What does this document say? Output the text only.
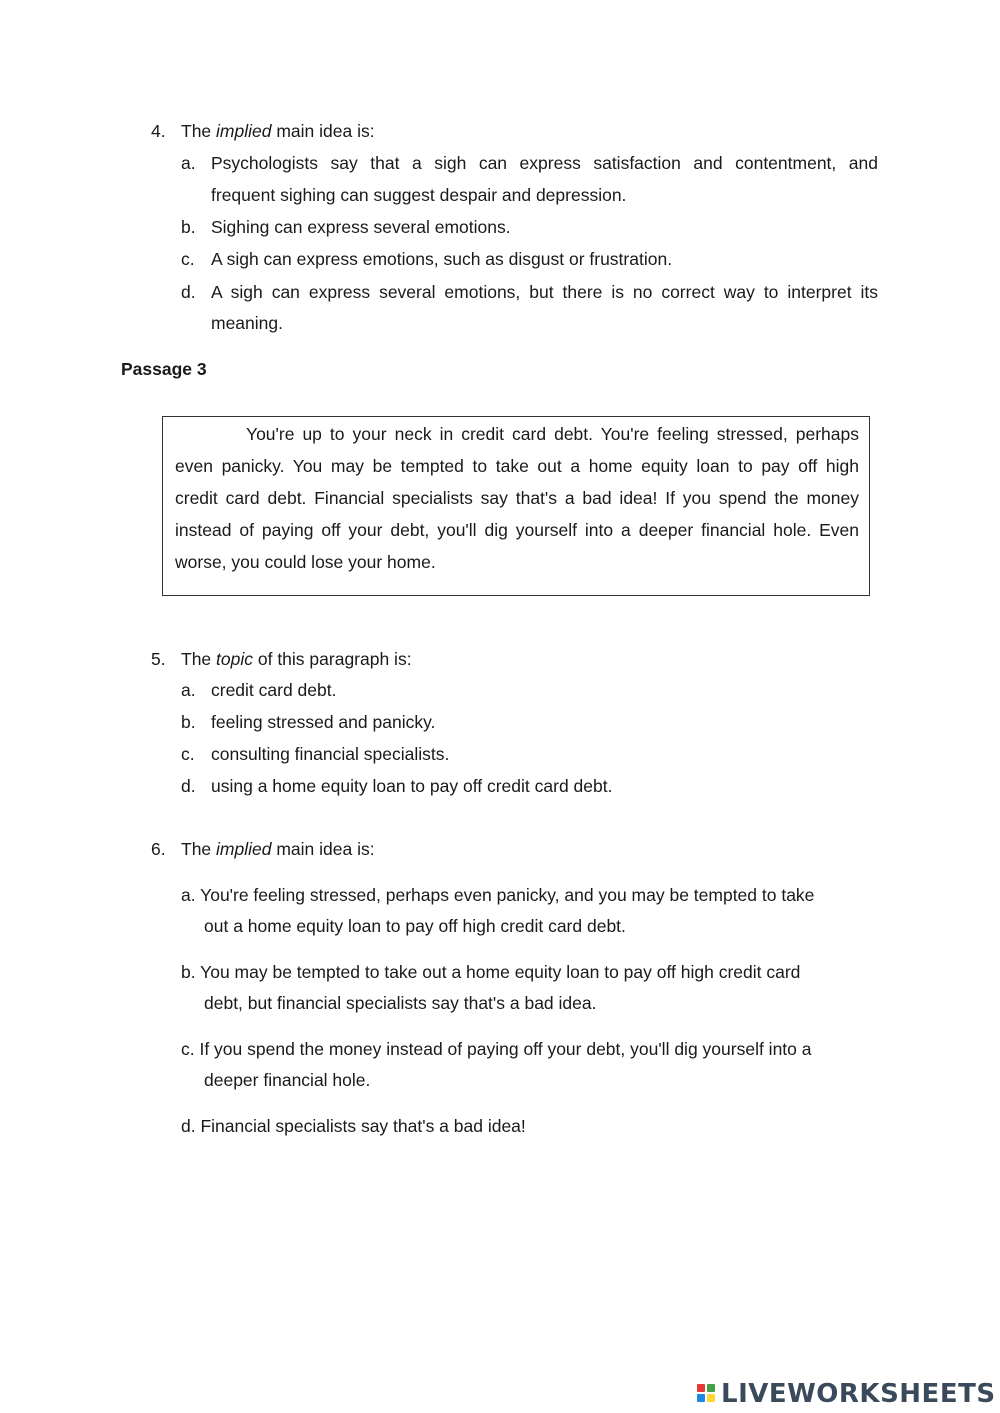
4. The implied main idea is:
a. Psychologists say that a sigh can express satisfaction and contentment, and
frequent sighing can suggest despair and depression.
b. Sighing can express several emotions.
c. A sigh can express emotions, such as disgust or frustration.
d. A sigh can express several emotions, but there is no correct way to interpret its
meaning.
Passage 3
You're up to your neck in credit card debt. You're feeling stressed, perhaps
even panicky. You may be tempted to take out a home equity loan to pay off high
credit card debt. Financial specialists say that's a bad idea! If you spend the money
instead of paying off your debt, you'll dig yourself into a deeper financial hole. Even
worse, you could lose your home.
5. The topic of this paragraph is:
a. credit card debt.
b. feeling stressed and panicky.
c. consulting financial specialists.
d. using a home equity loan to pay off credit card debt.
6. The implied main idea is:
a. You're feeling stressed, perhaps even panicky, and you may be tempted to take
out a home equity loan to pay off high credit card debt.
b. You may be tempted to take out a home equity loan to pay off high credit card
debt, but financial specialists say that's a bad idea.
c. If you spend the money instead of paying off your debt, you'll dig yourself into a
deeper financial hole.
d. Financial specialists say that's a bad idea!
LIVEWORKSHEETS
